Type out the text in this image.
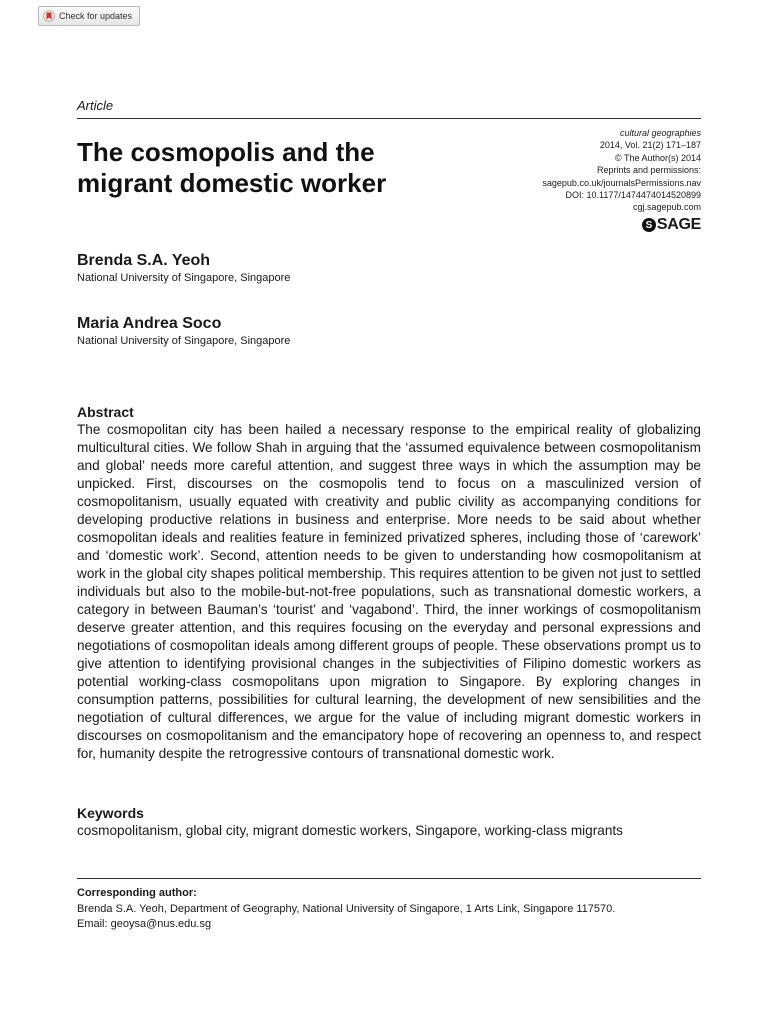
Check for updates
Article
The cosmopolis and the migrant domestic worker
cultural geographies
2014, Vol. 21(2) 171–187
© The Author(s) 2014
Reprints and permissions:
sagepub.co.uk/journalsPermissions.nav
DOI: 10.1177/1474474014520899
cgj.sagepub.com
S SAGE
Brenda S.A. Yeoh
National University of Singapore, Singapore
Maria Andrea Soco
National University of Singapore, Singapore
Abstract

The cosmopolitan city has been hailed a necessary response to the empirical reality of globalizing multicultural cities. We follow Shah in arguing that the ‘assumed equivalence between cosmopolitanism and global’ needs more careful attention, and suggest three ways in which the assumption may be unpicked. First, discourses on the cosmopolis tend to focus on a masculinized version of cosmopolitanism, usually equated with creativity and public civility as accompanying conditions for developing productive relations in business and enterprise. More needs to be said about whether cosmopolitan ideals and realities feature in feminized privatized spheres, including those of ‘carework’ and ‘domestic work’. Second, attention needs to be given to understanding how cosmopolitanism at work in the global city shapes political membership. This requires attention to be given not just to settled individuals but also to the mobile-but-not-free populations, such as transnational domestic workers, a category in between Bauman’s ‘tourist’ and ‘vagabond’. Third, the inner workings of cosmopolitanism deserve greater attention, and this requires focusing on the everyday and personal expressions and negotiations of cosmopolitan ideals among different groups of people. These observations prompt us to give attention to identifying provisional changes in the subjectivities of Filipino domestic workers as potential working-class cosmopolitans upon migration to Singapore. By exploring changes in consumption patterns, possibilities for cultural learning, the development of new sensibilities and the negotiation of cultural differences, we argue for the value of including migrant domestic workers in discourses on cosmopolitanism and the emancipatory hope of recovering an openness to, and respect for, humanity despite the retrogressive contours of transnational domestic work.

Keywords
cosmopolitanism, global city, migrant domestic workers, Singapore, working-class migrants
Corresponding author:
Brenda S.A. Yeoh, Department of Geography, National University of Singapore, 1 Arts Link, Singapore 117570.
Email: geoysa@nus.edu.sg
